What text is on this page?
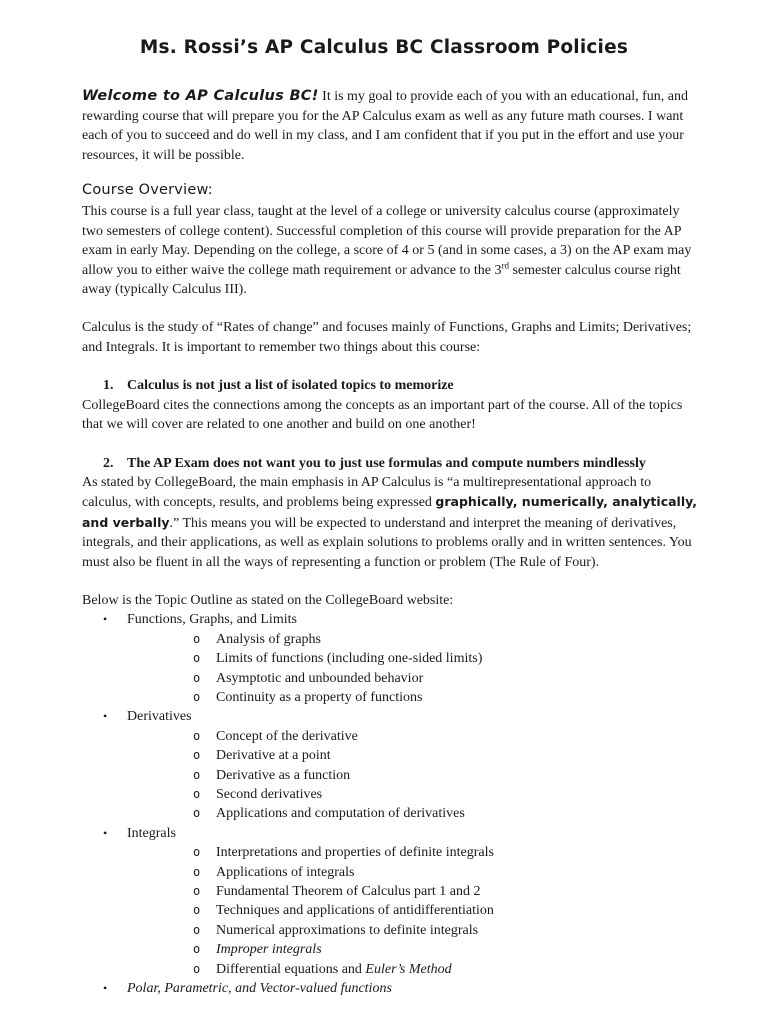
Ms. Rossi’s AP Calculus BC Classroom Policies

Welcome to AP Calculus BC! It is my goal to provide each of you with an educational, fun, and rewarding course that will prepare you for the AP Calculus exam as well as any future math courses. I want each of you to succeed and do well in my class, and I am confident that if you put in the effort and use your resources, it will be possible.

Course Overview:

This course is a full year class, taught at the level of a college or university calculus course (approximately two semesters of college content). Successful completion of this course will provide preparation for the AP exam in early May. Depending on the college, a score of 4 or 5 (and in some cases, a 3) on the AP exam may allow you to either waive the college math requirement or advance to the 3rd semester calculus course right away (typically Calculus III).

Calculus is the study of “Rates of change” and focuses mainly of Functions, Graphs and Limits; Derivatives; and Integrals. It is important to remember two things about this course:

1. Calculus is not just a list of isolated topics to memorize

CollegeBoard cites the connections among the concepts as an important part of the course. All of the topics that we will cover are related to one another and build on one another!

2. The AP Exam does not want you to just use formulas and compute numbers mindlessly

As stated by CollegeBoard, the main emphasis in AP Calculus is “a multirepresentational approach to calculus, with concepts, results, and problems being expressed graphically, numerically, analytically, and verbally.” This means you will be expected to understand and interpret the meaning of derivatives, integrals, and their applications, as well as explain solutions to problems orally and in written sentences. You must also be fluent in all the ways of representing a function or problem (The Rule of Four).

Below is the Topic Outline as stated on the CollegeBoard website:

• Functions, Graphs, and Limits
o Analysis of graphs
o Limits of functions (including one-sided limits)
o Asymptotic and unbounded behavior
o Continuity as a property of functions
• Derivatives
o Concept of the derivative
o Derivative at a point
o Derivative as a function
o Second derivatives
o Applications and computation of derivatives
• Integrals
o Interpretations and properties of definite integrals
o Applications of integrals
o Fundamental Theorem of Calculus part 1 and 2
o Techniques and applications of antidifferentiation
o Numerical approximations to definite integrals
o Improper integrals
o Differential equations and Euler’s Method
• Polar, Parametric, and Vector-valued functions
